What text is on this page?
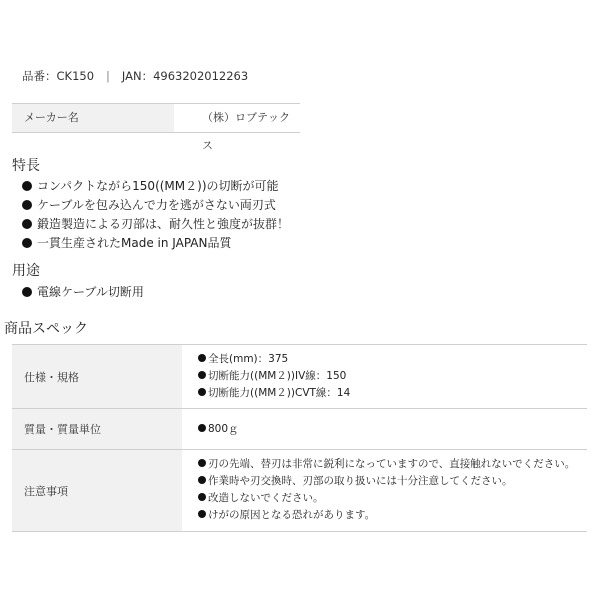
品番：CK150 | JAN：4963202012263
メーカー名	（株）ロブテックス
特長
コンパクトながら150((MM２))の切断が可能
ケーブルを包み込んで力を逃がさない両刃式
鍛造製造による刃部は、耐久性と強度が抜群！
一貫生産されたMade in JAPAN品質
用途
電線ケーブル切断用
商品スペック
仕様・規格
全長(mm)：375
切断能力((MM２))IV線：150
切断能力((MM２))CVT線：14
質量・質量単位	800ｇ
注意事項
刃の先端、替刃は非常に鋭利になっていますので、直接触れないでください。
作業時や刃交換時、刃部の取り扱いには十分注意してください。
改造しないでください。
けがの原因となる恐れがあります。
